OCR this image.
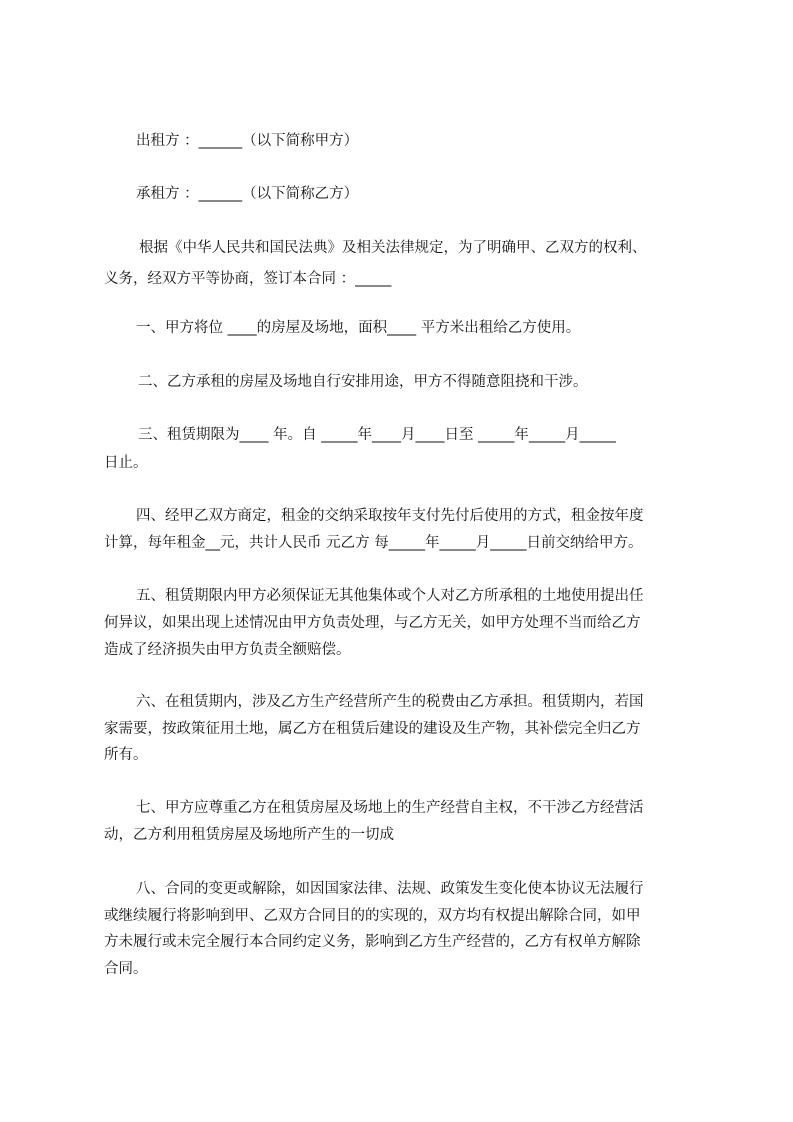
出租方 ：______（以下简称甲方）
承租方 ：______（以下简称乙方）
根据《中华人民共和国民法典》及相关法律规定，为了明确甲、乙双方的权利、
义务，经双方平等协商，签订本合同 ：_____
一、甲方将位 ____的房屋及场地，面积____ 平方米出租给乙方使用。
二、乙方承租的房屋及场地自行安排用途，甲方不得随意阻挠和干涉。
三、租赁期限为____ 年。自 _____年____月____日至 _____年_____月_____
日止。
四、经甲乙双方商定，租金的交纳采取按年支付先付后使用的方式，租金按年度
计算，每年租金__元，共计人民币 元乙方 每_____年_____月_____日前交纳给甲方。
五、租赁期限内甲方必须保证无其他集体或个人对乙方所承租的土地使用提出任
何异议，如果出现上述情况由甲方负责处理，与乙方无关，如甲方处理不当而给乙方
造成了经济损失由甲方负责全额赔偿。
六、在租赁期内，涉及乙方生产经营所产生的税费由乙方承担。租赁期内，若国
家需要，按政策征用土地，属乙方在租赁后建设的建设及生产物，其补偿完全归乙方
所有。
七、甲方应尊重乙方在租赁房屋及场地上的生产经营自主权，不干涉乙方经营活
动，乙方利用租赁房屋及场地所产生的一切成
八、合同的变更或解除，如因国家法律、法规、政策发生变化使本协议无法履行
或继续履行将影响到甲、乙双方合同目的的实现的，双方均有权提出解除合同，如甲
方未履行或未完全履行本合同约定义务，影响到乙方生产经营的，乙方有权单方解除
合同。
